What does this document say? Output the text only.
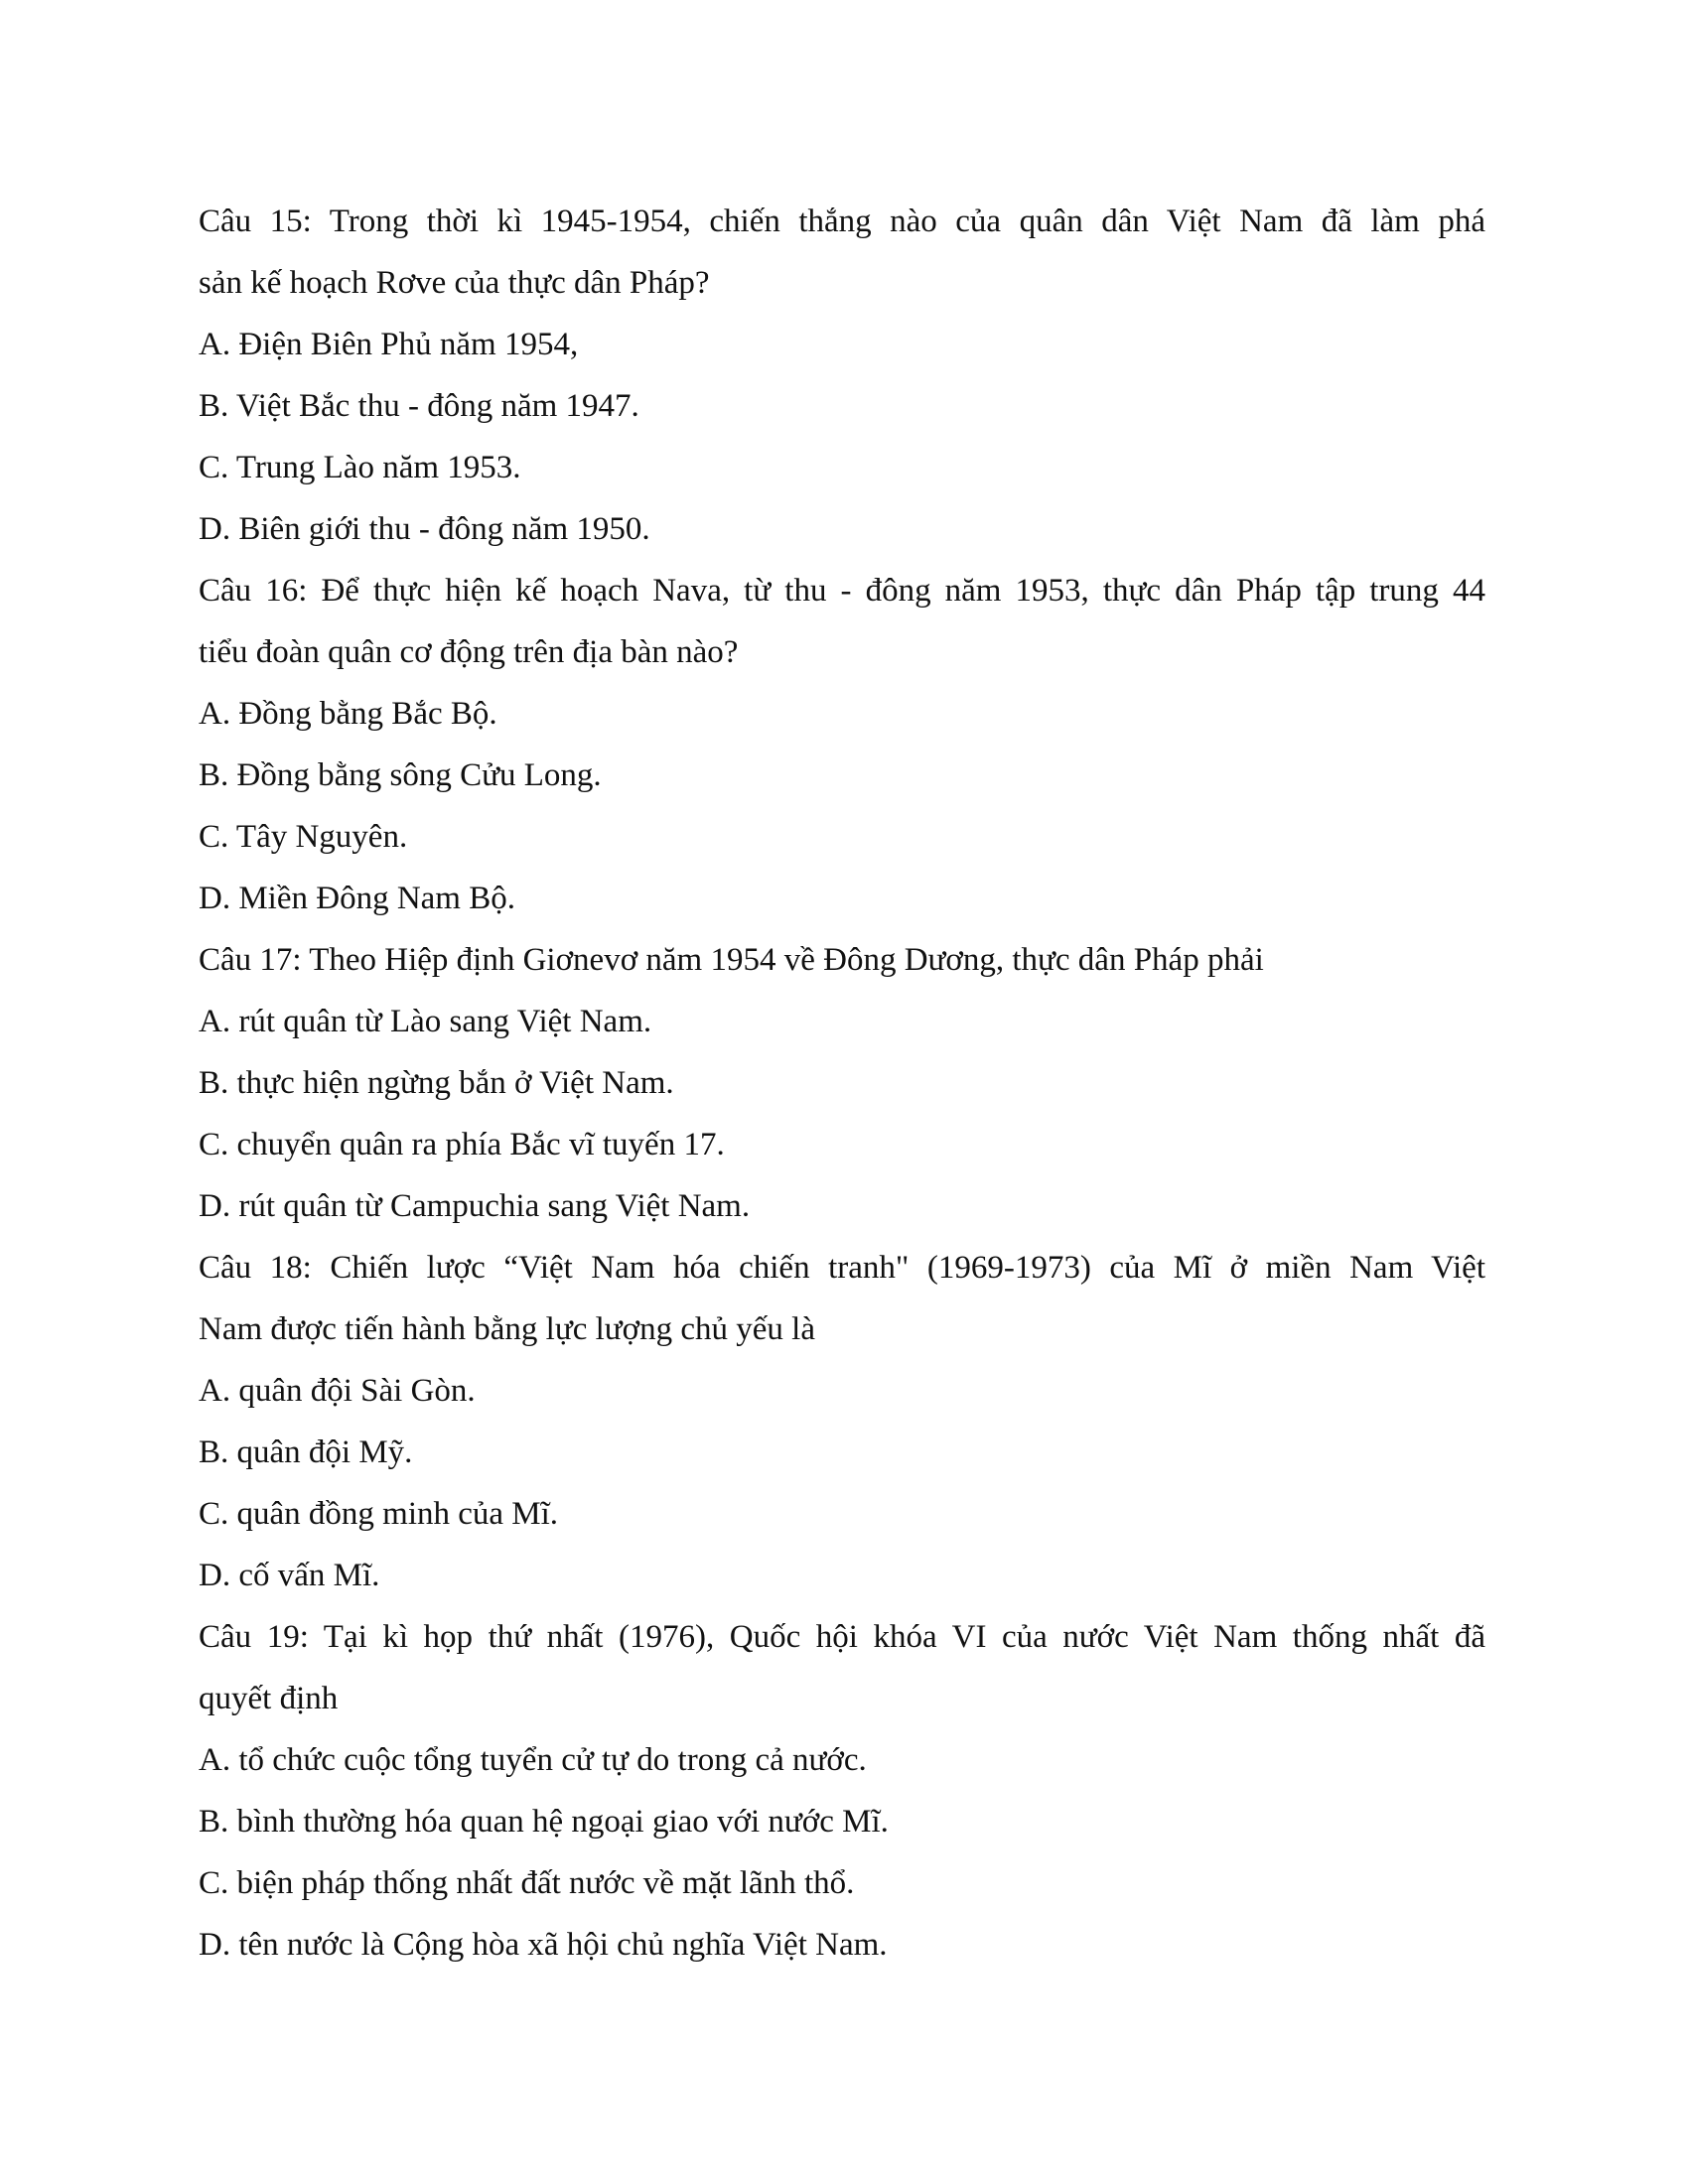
Câu 15: Trong thời kì 1945-1954, chiến thắng nào của quân dân Việt Nam đã làm phá

sản kế hoạch Rơve của thực dân Pháp?

A. Điện Biên Phủ năm 1954,

B. Việt Bắc thu - đông năm 1947.

C. Trung Lào năm 1953.

D. Biên giới thu - đông năm 1950.

Câu 16: Để thực hiện kế hoạch Nava, từ thu - đông năm 1953, thực dân Pháp tập trung 44

tiểu đoàn quân cơ động trên địa bàn nào?

A. Đồng bằng Bắc Bộ.

B. Đồng bằng sông Cửu Long.

C. Tây Nguyên.

D. Miền Đông Nam Bộ.

Câu 17: Theo Hiệp định Giơnevơ năm 1954 về Đông Dương, thực dân Pháp phải

A. rút quân từ Lào sang Việt Nam.

B. thực hiện ngừng bắn ở Việt Nam.

C. chuyển quân ra phía Bắc vĩ tuyến 17.

D. rút quân từ Campuchia sang Việt Nam.

Câu 18: Chiến lược “Việt Nam hóa chiến tranh" (1969-1973) của Mĩ ở miền Nam Việt

Nam được tiến hành bằng lực lượng chủ yếu là

A. quân đội Sài Gòn.

B. quân đội Mỹ.

C. quân đồng minh của Mĩ.

D. cố vấn Mĩ.

Câu 19: Tại kì họp thứ nhất (1976), Quốc hội khóa VI của nước Việt Nam thống nhất đã

quyết định

A. tổ chức cuộc tổng tuyển cử tự do trong cả nước.

B. bình thường hóa quan hệ ngoại giao với nước Mĩ.

C. biện pháp thống nhất đất nước về mặt lãnh thổ.

D. tên nước là Cộng hòa xã hội chủ nghĩa Việt Nam.
